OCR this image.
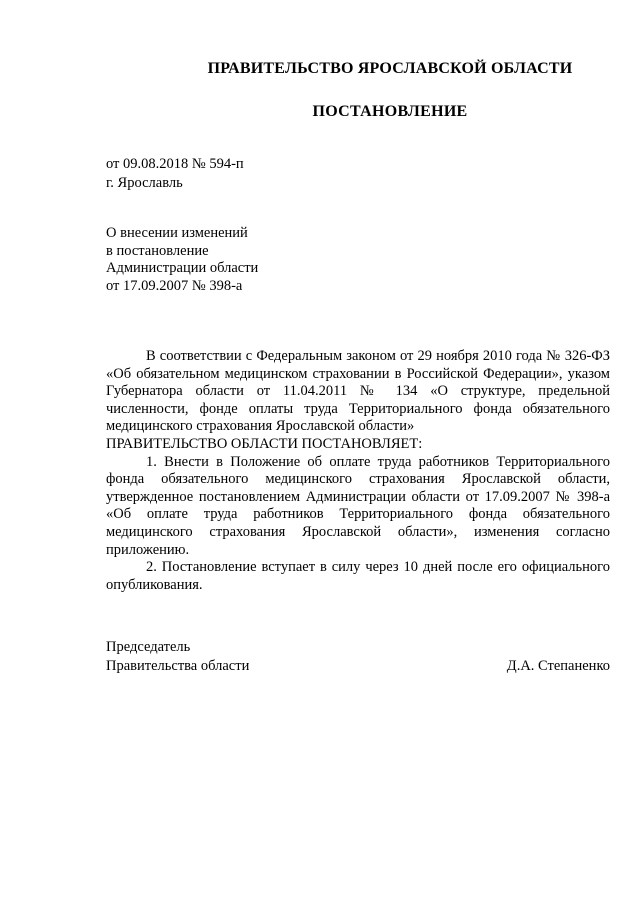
ПРАВИТЕЛЬСТВО ЯРОСЛАВСКОЙ ОБЛАСТИ
ПОСТАНОВЛЕНИЕ
от 09.08.2018 № 594-п
г. Ярославль
О внесении изменений
в постановление
Администрации области
от 17.09.2007 № 398-а

В соответствии с Федеральным законом от 29 ноября 2010 года № 326-ФЗ «Об обязательном медицинском страховании в Российской Федерации», указом Губернатора области от 11.04.2011 № 134 «О структуре, предельной численности, фонде оплаты труда Территориального фонда обязательного медицинского страхования Ярославской области»

ПРАВИТЕЛЬСТВО ОБЛАСТИ ПОСТАНОВЛЯЕТ:

1. Внести в Положение об оплате труда работников Территориального фонда обязательного медицинского страхования Ярославской области, утвержденное постановлением Администрации области от 17.09.2007 № 398-а «Об оплате труда работников Территориального фонда обязательного медицинского страхования Ярославской области», изменения согласно приложению.

2. Постановление вступает в силу через 10 дней после его официального опубликования.

Председатель
Правительства области	Д.А. Степаненко
